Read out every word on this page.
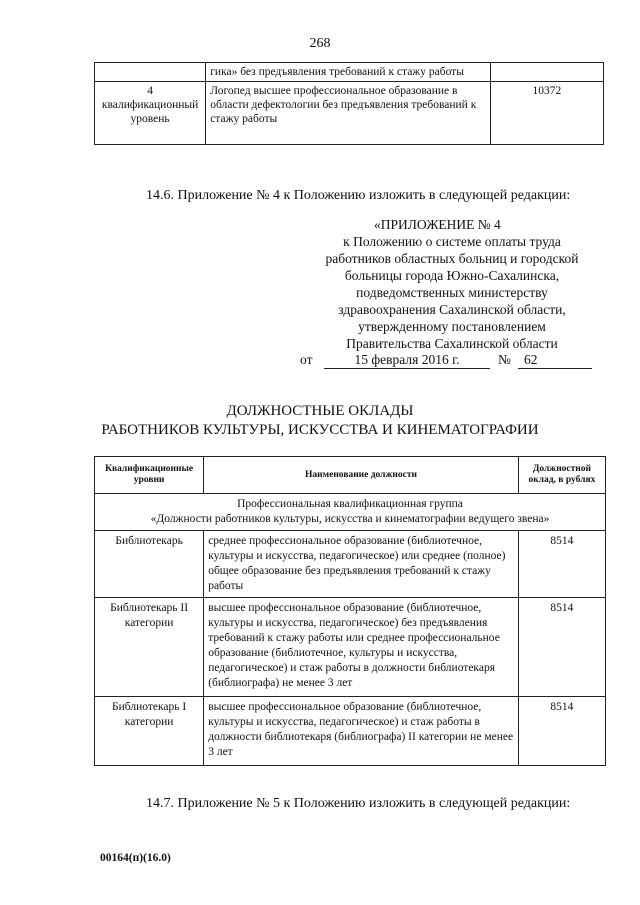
268
	гика» без предъявления требований к стажу работы	
4 квалификационный уровень	Логопед высшее профессиональное образование в области дефектологии без предъявления требований к стажу работы	10372
14.6. Приложение № 4 к Положению изложить в следующей редакции:
«ПРИЛОЖЕНИЕ № 4
к Положению о системе оплаты труда
работников областных больниц и городской
больницы города Южно-Сахалинска,
подведомственных министерству
здравоохранения Сахалинской области,
утвержденному постановлением
Правительства Сахалинской области
от	15 февраля 2016 г.	№ 62
ДОЛЖНОСТНЫЕ ОКЛАДЫ
РАБОТНИКОВ КУЛЬТУРЫ, ИСКУССТВА И КИНЕМАТОГРАФИИ
Квалификационные уровни	Наименование должности	Должностной оклад, в рублях

Профессиональная квалификационная группа
«Должности работников культуры, искусства и кинематографии ведущего звена»		

Библиотекарь	среднее профессиональное образование (библиотечное, культуры и искусства, педагогическое) или среднее (полное) общее образование без предъявления требований к стажу работы	8514
Библиотекарь II категории	высшее профессиональное образование (библиотечное, культуры и искусства, педагогическое) без предъявления требований к стажу работы или среднее профессиональное образование (библиотечное, культуры и искусства, педагогическое) и стаж работы в должности библиотекаря (библиографа) не менее 3 лет	8514
Библиотекарь I категории	высшее профессиональное образование (библиотечное, культуры и искусства, педагогическое) и стаж работы в должности библиотекаря (библиографа) II категории не менее 3 лет	8514
14.7. Приложение № 5 к Положению изложить в следующей редакции:
00164(п)(16.0)
